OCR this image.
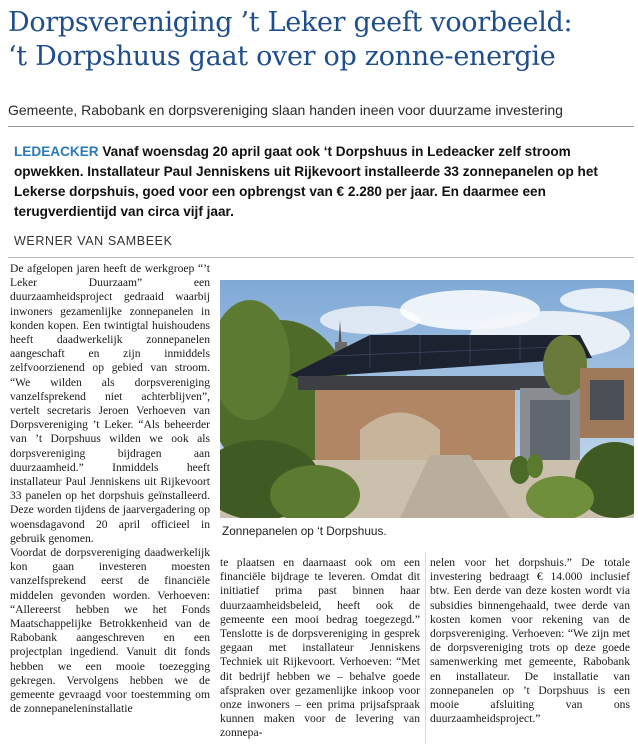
Dorpsvereniging ’t Leker geeft voorbeeld:
‘t Dorpshuus gaat over op zonne-energie
Gemeente, Rabobank en dorpsvereniging slaan handen ineen voor duurzame investering
LEDEACKER Vanaf woensdag 20 april gaat ook ‘t Dorpshuus in Ledeacker zelf stroom opwekken. Installateur Paul Jenniskens uit Rijkevoort installeerde 33 zonnepanelen op het Lekerse dorpshuis, goed voor een opbrengst van € 2.280 per jaar. En daarmee een terugverdientijd van circa vijf jaar.
WERNER VAN SAMBEEK

De afgelopen jaren heeft de werkgroep “’t Leker Duurzaam” een duurzaamheidsproject gedraaid waarbij inwoners gezamenlijke zonnepanelen in konden kopen. Een twintigtal huishoudens heeft daadwerkelijk zonnepanelen aangeschaft en zijn inmiddels zelfvoorzienend op gebied van stroom. “We wilden als dorpsvereniging vanzelfsprekend niet achterblijven”, vertelt secretaris Jeroen Verhoeven van Dorpsvereniging ’t Leker. “Als beheerder van ’t Dorpshuus wilden we ook als dorpsvereniging bijdragen aan duurzaamheid.” Inmiddels heeft installateur Paul Jenniskens uit Rijkevoort 33 panelen op het dorpshuis geïnstalleerd. Deze worden tijdens de jaarvergadering op woensdagavond 20 april officieel in gebruik genomen.

Voordat de dorpsvereniging daadwerkelijk kon gaan investeren moesten vanzelfsprekend eerst de financiële middelen gevonden worden. Verhoeven: “Allereerst hebben we het Fonds Maatschappelijke Betrokkenheid van de Rabobank aangeschreven en een projectplan ingediend. Vanuit dit fonds hebben we een mooie toezegging gekregen. Vervolgens hebben we de gemeente gevraagd voor toestemming om de zonnepaneleninstallatie

Zonnepanelen op ‘t Dorpshuus.

te plaatsen en daarnaast ook om een financiële bijdrage te leveren. Omdat dit initiatief prima past binnen haar duurzaamheidsbeleid, heeft ook de gemeente een mooi bedrag toegezegd.” Tenslotte is de dorpsvereniging in gesprek gegaan met installateur Jenniskens Techniek uit Rijkevoort. Verhoeven: “Met dit bedrijf hebben we – behalve goede afspraken over gezamenlijke inkoop voor onze inwoners – een prima prijsafspraak kunnen maken voor de levering van zonnepa-

nelen voor het dorpshuis.” De totale investering bedraagt € 14.000 inclusief btw. Een derde van deze kosten wordt via subsidies binnengehaald, twee derde van kosten komen voor rekening van de dorpsvereniging. Verhoeven: “We zijn met de dorpsvereniging trots op deze goede samenwerking met gemeente, Rabobank en installateur. De installatie van zonnepanelen op ’t Dorpshuus is een mooie afsluiting van ons duurzaamheidsproject.”
